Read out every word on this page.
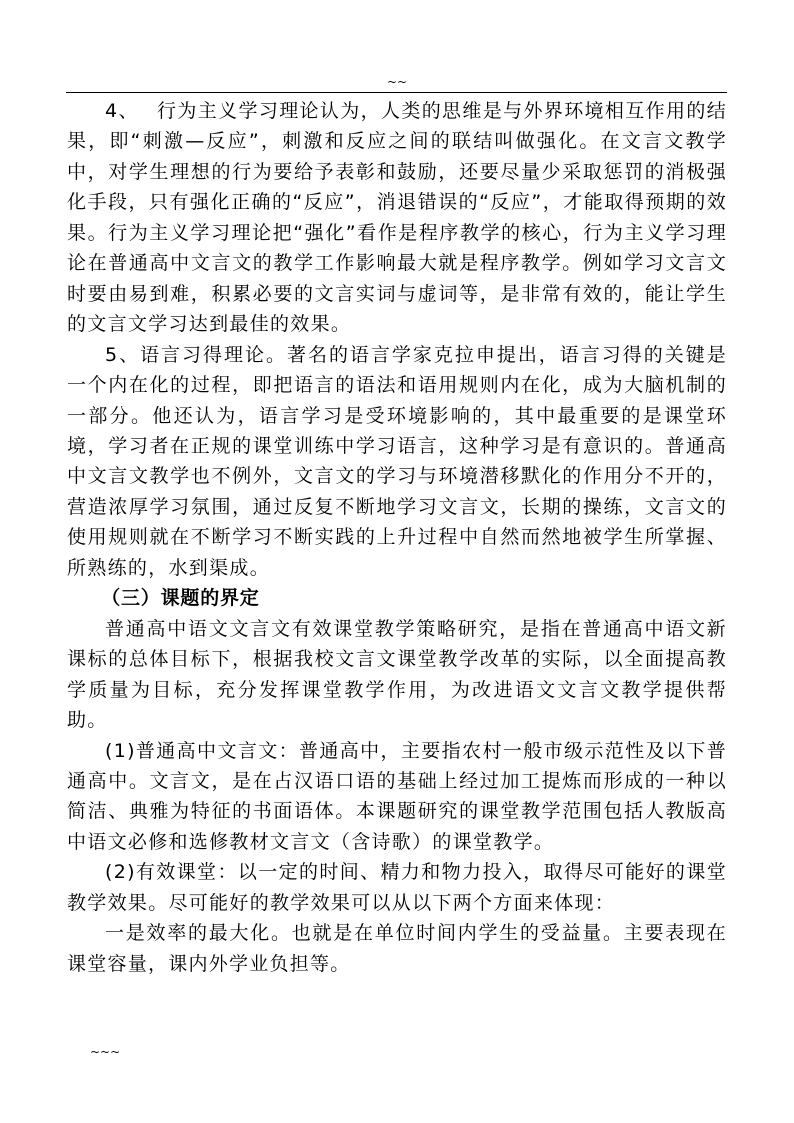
~~

4、　 行为主义学习理论认为，人类的思维是与外界环境相互作用的结果，即“刺激—反应”，刺激和反应之间的联结叫做强化。在文言文教学中，对学生理想的行为要给予表彰和鼓励，还要尽量少采取惩罚的消极强化手段，只有强化正确的“反应”，消退错误的“反应”，才能取得预期的效果。行为主义学习理论把“强化”看作是程序教学的核心，行为主义学习理论在普通高中文言文的教学工作影响最大就是程序教学。例如学习文言文时要由易到难，积累必要的文言实词与虚词等，是非常有效的，能让学生的文言文学习达到最佳的效果。

5、语言习得理论。著名的语言学家克拉申提出，语言习得的关键是一个内在化的过程，即把语言的语法和语用规则内在化，成为大脑机制的一部分。他还认为，语言学习是受环境影响的，其中最重要的是课堂环境，学习者在正规的课堂训练中学习语言，这种学习是有意识的。普通高中文言文教学也不例外，文言文的学习与环境潜移默化的作用分不开的，营造浓厚学习氛围，通过反复不断地学习文言文，长期的操练，文言文的使用规则就在不断学习不断实践的上升过程中自然而然地被学生所掌握、所熟练的，水到渠成。

（三）课题的界定

普通高中语文文言文有效课堂教学策略研究，是指在普通高中语文新课标的总体目标下，根据我校文言文课堂教学改革的实际，以全面提高教学质量为目标，充分发挥课堂教学作用，为改进语文文言文教学提供帮助。

(1)普通高中文言文：普通高中，主要指农村一般市级示范性及以下普通高中。文言文，是在占汉语口语的基础上经过加工提炼而形成的一种以简洁、典雅为特征的书面语体。本课题研究的课堂教学范围包括人教版高中语文必修和选修教材文言文（含诗歌）的课堂教学。

(2)有效课堂：以一定的时间、精力和物力投入，取得尽可能好的课堂教学效果。尽可能好的教学效果可以从以下两个方面来体现：

一是效率的最大化。也就是在单位时间内学生的受益量。主要表现在课堂容量，课内外学业负担等。

~~~
